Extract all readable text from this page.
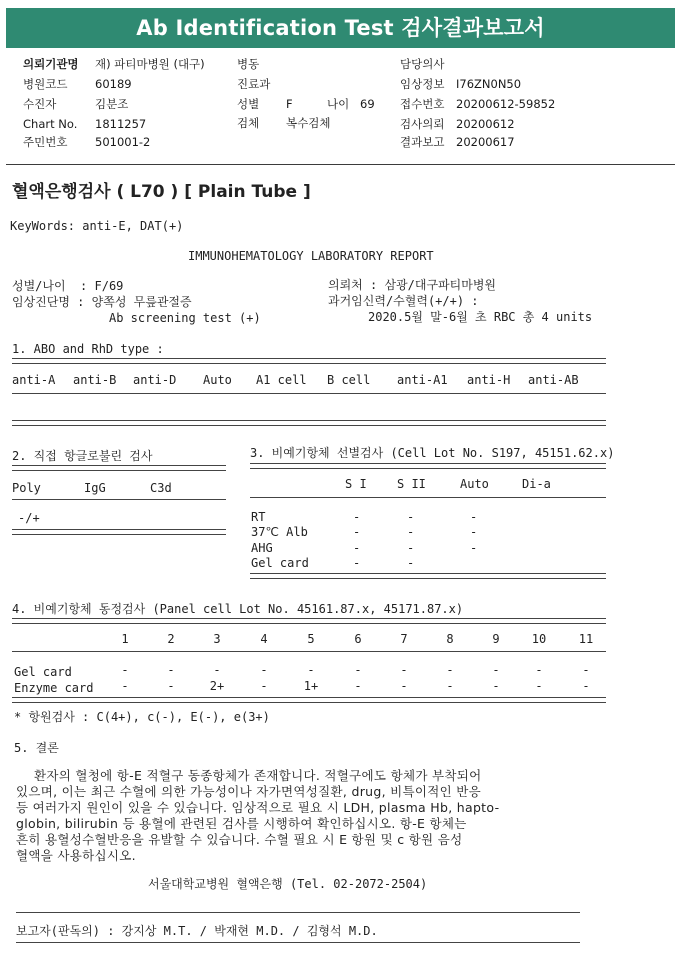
Ab Identification Test 검사결과보고서
의뢰기관명 재) 파티마병원 (대구)
병원코드 60189
수진자	김분조
Chart No. 1811257
주민번호 501001-2
병동
진료과
성별 F	나이 69
검체 복수검체
담당의사
임상정보 I76ZN0N50
접수번호 20200612-59852
검사의뢰 20200612
결과보고 20200617
혈액은행검사 ( L70 ) [ Plain Tube ]
KeyWords: anti-E, DAT(+)
IMMUNOHEMATOLOGY LABORATORY REPORT
성별/나이  : F/69
임상진단명 : 양쪽성 무릎관절증
Ab screening test (+)
의뢰처 : 삼광/대구파티마병원
과거임신력/수혈력(+/+) :
2020.5월 말-6월 초 RBC 총 4 units
1. ABO and RhD type :
anti-A anti-B anti-D Auto A1 cell B cell anti-A1 anti-H anti-AB
2. 직접 항글로불린 검사
Poly	IgG	C3d
-/+
3. 비예기항체 선별검사 (Cell Lot No. S197, 45151.62.x)
S I	S II	Auto	Di-a
RT	-	-	-
37℃ Alb	-	-	-
AHG	-	-	-
Gel card	-	-
4. 비예기항체 동정검사 (Panel cell Lot No. 45161.87.x, 45171.87.x)
1	2	3	4	5	6	7	8	9	10	11
Gel card	-	-	-	-	-	-	-	-	-	-	-
Enzyme card	-	-	2+	-	1+	-	-	-	-	-	-
* 항원검사 : C(4+), c(-), E(-), e(3+)
5. 결론
환자의 혈청에 항-E 적혈구 동종항체가 존재합니다. 적혈구에도 항체가 부착되어
있으며, 이는 최근 수혈에 의한 가능성이나 자가면역성질환, drug, 비특이적인 반응
등 여러가지 원인이 있을 수 있습니다. 임상적으로 필요 시 LDH, plasma Hb, hapto-
globin, bilirubin 등 용혈에 관련된 검사를 시행하여 확인하십시오. 항-E 항체는
흔히 용혈성수혈반응을 유발할 수 있습니다. 수혈 필요 시 E 항원 및 c 항원 음성
혈액을 사용하십시오.
서울대학교병원 혈액은행 (Tel. 02-2072-2504)
보고자(판독의) : 강지상 M.T. / 박재현 M.D. / 김형석 M.D.
